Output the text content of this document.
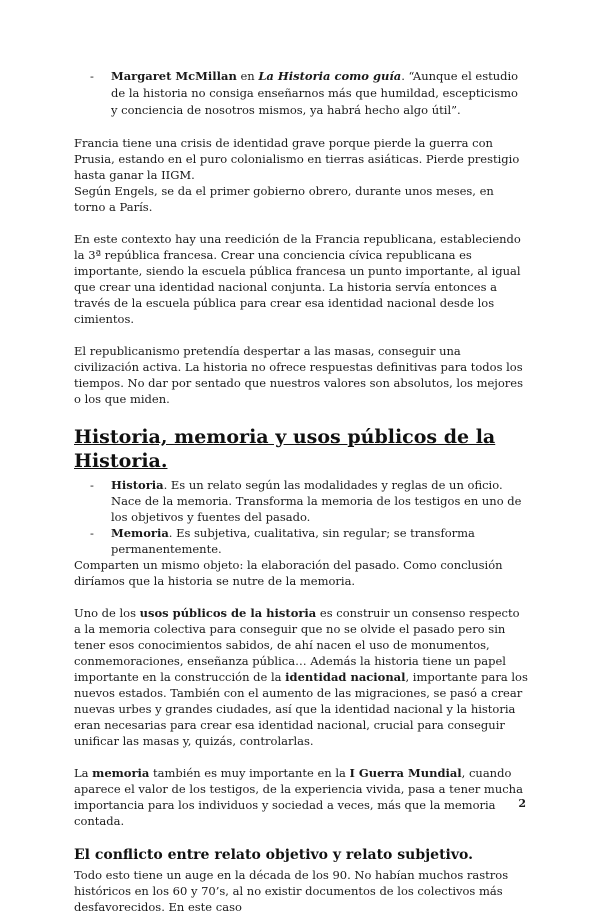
- Margaret McMillan en La Historia como guía. “Aunque el estudio de la historia no consiga enseñarnos más que humildad, escepticismo y conciencia de nosotros mismos, ya habrá hecho algo útil”.

Francia tiene una crisis de identidad grave porque pierde la guerra con Prusia, estando en el puro colonialismo en tierras asiáticas. Pierde prestigio hasta ganar la IIGM.

Según Engels, se da el primer gobierno obrero, durante unos meses, en torno a París.

En este contexto hay una reedición de la Francia republicana, estableciendo la 3ª república francesa. Crear una conciencia cívica republicana es importante, siendo la escuela pública francesa un punto importante, al igual que crear una identidad nacional conjunta. La historia servía entonces a través de la escuela pública para crear esa identidad nacional desde los cimientos.

El republicanismo pretendía despertar a las masas, conseguir una civilización activa. La historia no ofrece respuestas definitivas para todos los tiempos. No dar por sentado que nuestros valores son absolutos, los mejores o los que miden.

Historia, memoria y usos públicos de la Historia.

- Historia. Es un relato según las modalidades y reglas de un oficio. Nace de la memoria. Transforma la memoria de los testigos en uno de los objetivos y fuentes del pasado.

- Memoria. Es subjetiva, cualitativa, sin regular; se transforma permanentemente.

Comparten un mismo objeto: la elaboración del pasado. Como conclusión diríamos que la historia se nutre de la memoria.

Uno de los usos públicos de la historia es construir un consenso respecto a la memoria colectiva para conseguir que no se olvide el pasado pero sin tener esos conocimientos sabidos, de ahí nacen el uso de monumentos, conmemoraciones, enseñanza pública… Además la historia tiene un papel importante en la construcción de la identidad nacional, importante para los nuevos estados. También con el aumento de las migraciones, se pasó a crear nuevas urbes y grandes ciudades, así que la identidad nacional y la historia eran necesarias para crear esa identidad nacional, crucial para conseguir unificar las masas y, quizás, controlarlas.

La memoria también es muy importante en la I Guerra Mundial, cuando aparece el valor de los testigos, de la experiencia vivida, pasa a tener mucha importancia para los individuos y sociedad a veces, más que la memoria contada.

El conflicto entre relato objetivo y relato subjetivo.

Todo esto tiene un auge en la década de los 90. No habían muchos rastros históricos en los 60 y 70’s, al no existir documentos de los colectivos más desfavorecidos. En este caso

2
